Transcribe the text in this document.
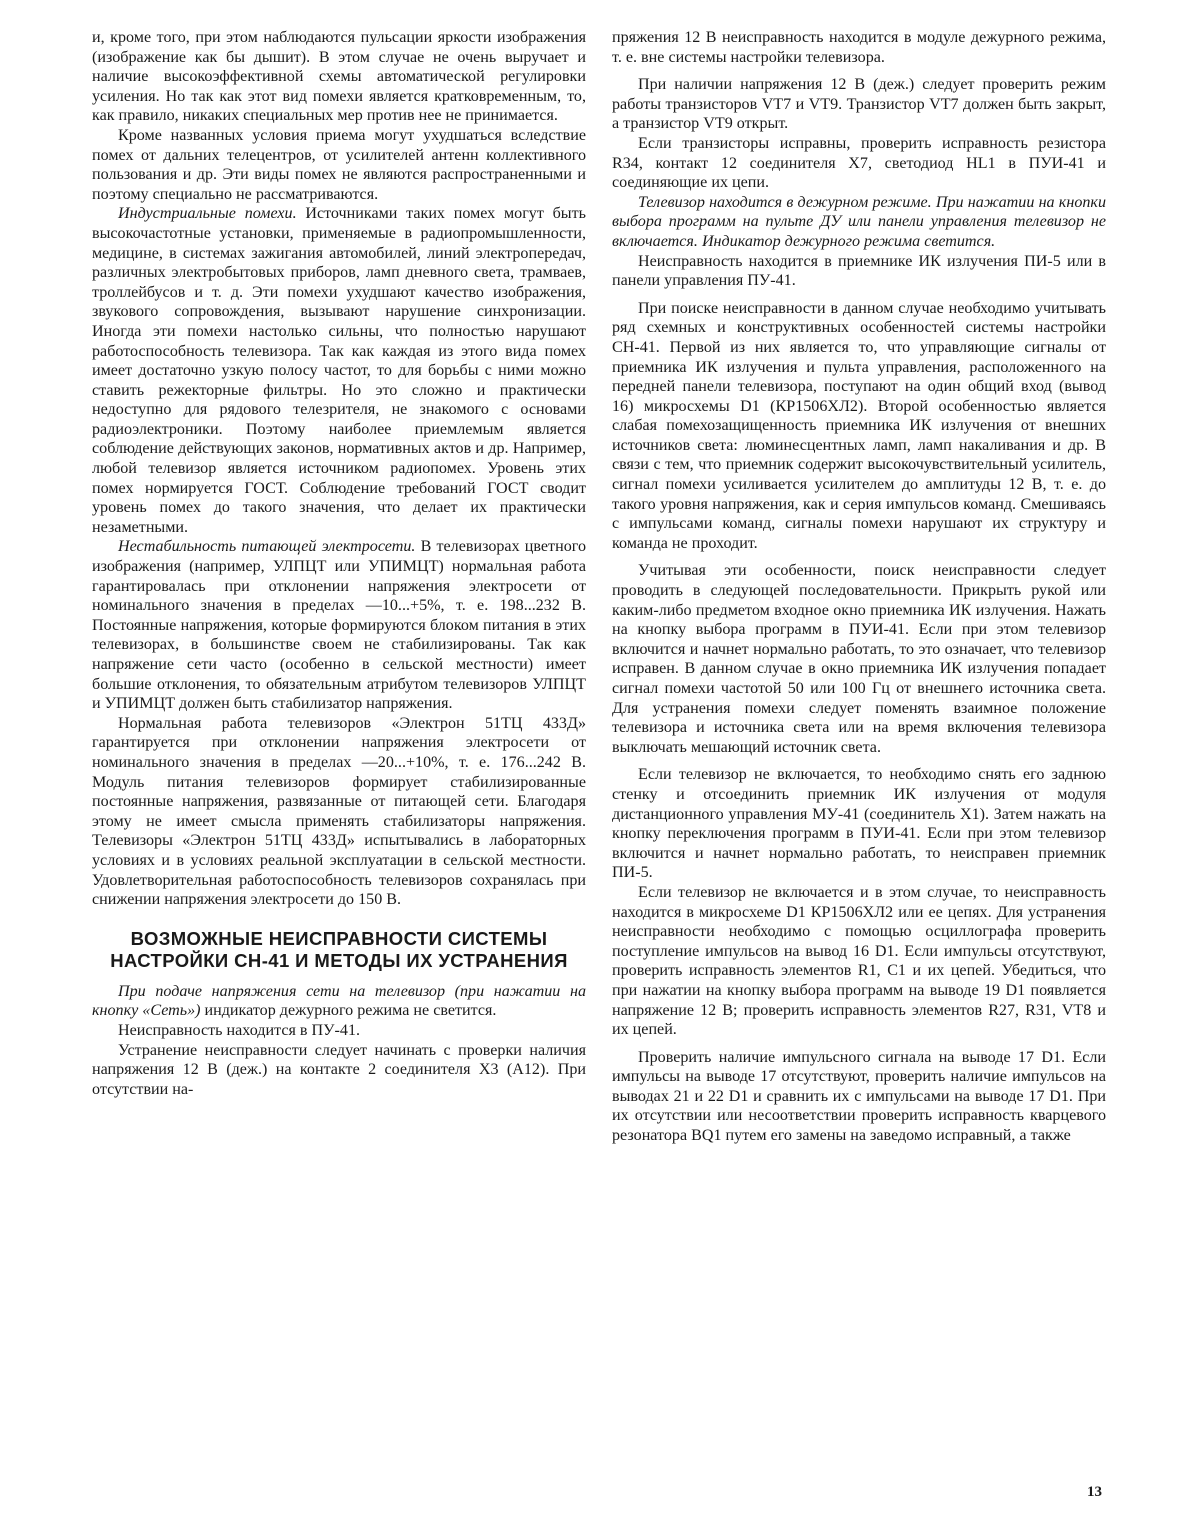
и, кроме того, при этом наблюдаются пульсации яркости изображения (изображение как бы дышит). В этом случае не очень выручает и наличие высокоэффективной схемы автоматической регулировки усиления. Но так как этот вид помехи является кратковременным, то, как правило, никаких специальных мер против нее не принимается.

Кроме названных условия приема могут ухудшаться вследствие помех от дальних телецентров, от усилителей антенн коллективного пользования и др. Эти виды помех не являются распространенными и поэтому специально не рассматриваются.

Индустриальные помехи. Источниками таких помех могут быть высокочастотные установки, применяемые в радиопромышленности, медицине, в системах зажигания автомобилей, линий электропередач, различных электробытовых приборов, ламп дневного света, трамваев, троллейбусов и т. д. Эти помехи ухудшают качество изображения, звукового сопровождения, вызывают нарушение синхронизации. Иногда эти помехи настолько сильны, что полностью нарушают работоспособность телевизора. Так как каждая из этого вида помех имеет достаточно узкую полосу частот, то для борьбы с ними можно ставить режекторные фильтры. Но это сложно и практически недоступно для рядового телезрителя, не знакомого с основами радиоэлектроники. Поэтому наиболее приемлемым является соблюдение действующих законов, нормативных актов и др. Например, любой телевизор является источником радиопомех. Уровень этих помех нормируется ГОСТ. Соблюдение требований ГОСТ сводит уровень помех до такого значения, что делает их практически незаметными.

Нестабильность питающей электросети. В телевизорах цветного изображения (например, УЛПЦТ или УПИМЦТ) нормальная работа гарантировалась при отклонении напряжения электросети от номинального значения в пределах —10...+5%, т. е. 198...232 В. Постоянные напряжения, которые формируются блоком питания в этих телевизорах, в большинстве своем не стабилизированы. Так как напряжение сети часто (особенно в сельской местности) имеет большие отклонения, то обязательным атрибутом телевизоров УЛПЦТ и УПИМЦТ должен быть стабилизатор напряжения.

Нормальная работа телевизоров «Электрон 51ТЦ 433Д» гарантируется при отклонении напряжения электросети от номинального значения в пределах —20...+10%, т. е. 176...242 В. Модуль питания телевизоров формирует стабилизированные постоянные напряжения, развязанные от питающей сети. Благодаря этому не имеет смысла применять стабилизаторы напряжения. Телевизоры «Электрон 51ТЦ 433Д» испытывались в лабораторных условиях и в условиях реальной эксплуатации в сельской местности. Удовлетворительная работоспособность телевизоров сохранялась при снижении напряжения электросети до 150 В.

ВОЗМОЖНЫЕ НЕИСПРАВНОСТИ СИСТЕМЫ НАСТРОЙКИ СН-41 И МЕТОДЫ ИХ УСТРАНЕНИЯ

При подаче напряжения сети на телевизор (при нажатии на кнопку «Сеть») индикатор дежурного режима не светится.

Неисправность находится в ПУ-41.

Устранение неисправности следует начинать с проверки наличия напряжения 12 В (деж.) на контакте 2 соединителя Х3 (А12). При отсутствии на-

пряжения 12 В неисправность находится в модуле дежурного режима, т. е. вне системы настройки телевизора.

При наличии напряжения 12 В (деж.) следует проверить режим работы транзисторов VT7 и VT9. Транзистор VT7 должен быть закрыт, а транзистор VT9 открыт.

Если транзисторы исправны, проверить исправность резистора R34, контакт 12 соединителя Х7, светодиод HL1 в ПУИ-41 и соединяющие их цепи.

Телевизор находится в дежурном режиме. При нажатии на кнопки выбора программ на пульте ДУ или панели управления телевизор не включается. Индикатор дежурного режима светится.

Неисправность находится в приемнике ИК излучения ПИ-5 или в панели управления ПУ-41.

При поиске неисправности в данном случае необходимо учитывать ряд схемных и конструктивных особенностей системы настройки СН-41. Первой из них является то, что управляющие сигналы от приемника ИК излучения и пульта управления, расположенного на передней панели телевизора, поступают на один общий вход (вывод 16) микросхемы D1 (КР1506ХЛ2). Второй особенностью является слабая помехозащищенность приемника ИК излучения от внешних источников света: люминесцентных ламп, ламп накаливания и др. В связи с тем, что приемник содержит высокочувствительный усилитель, сигнал помехи усиливается усилителем до амплитуды 12 В, т. е. до такого уровня напряжения, как и серия импульсов команд. Смешиваясь с импульсами команд, сигналы помехи нарушают их структуру и команда не проходит.

Учитывая эти особенности, поиск неисправности следует проводить в следующей последовательности. Прикрыть рукой или каким-либо предметом входное окно приемника ИК излучения. Нажать на кнопку выбора программ в ПУИ-41. Если при этом телевизор включится и начнет нормально работать, то это означает, что телевизор исправен. В данном случае в окно приемника ИК излучения попадает сигнал помехи частотой 50 или 100 Гц от внешнего источника света. Для устранения помехи следует поменять взаимное положение телевизора и источника света или на время включения телевизора выключать мешающий источник света.

Если телевизор не включается, то необходимо снять его заднюю стенку и отсоединить приемник ИК излучения от модуля дистанционного управления МУ-41 (соединитель Х1). Затем нажать на кнопку переключения программ в ПУИ-41. Если при этом телевизор включится и начнет нормально работать, то неисправен приемник ПИ-5.

Если телевизор не включается и в этом случае, то неисправность находится в микросхеме D1 КР1506ХЛ2 или ее цепях. Для устранения неисправности необходимо с помощью осциллографа проверить поступление импульсов на вывод 16 D1. Если импульсы отсутствуют, проверить исправность элементов R1, C1 и их цепей. Убедиться, что при нажатии на кнопку выбора программ на выводе 19 D1 появляется напряжение 12 В; проверить исправность элементов R27, R31, VT8 и их цепей.

Проверить наличие импульсного сигнала на выводе 17 D1. Если импульсы на выводе 17 отсутствуют, проверить наличие импульсов на выводах 21 и 22 D1 и сравнить их с импульсами на выводе 17 D1. При их отсутствии или несоответствии проверить исправность кварцевого резонатора BQ1 путем его замены на заведомо исправный, а также

13
